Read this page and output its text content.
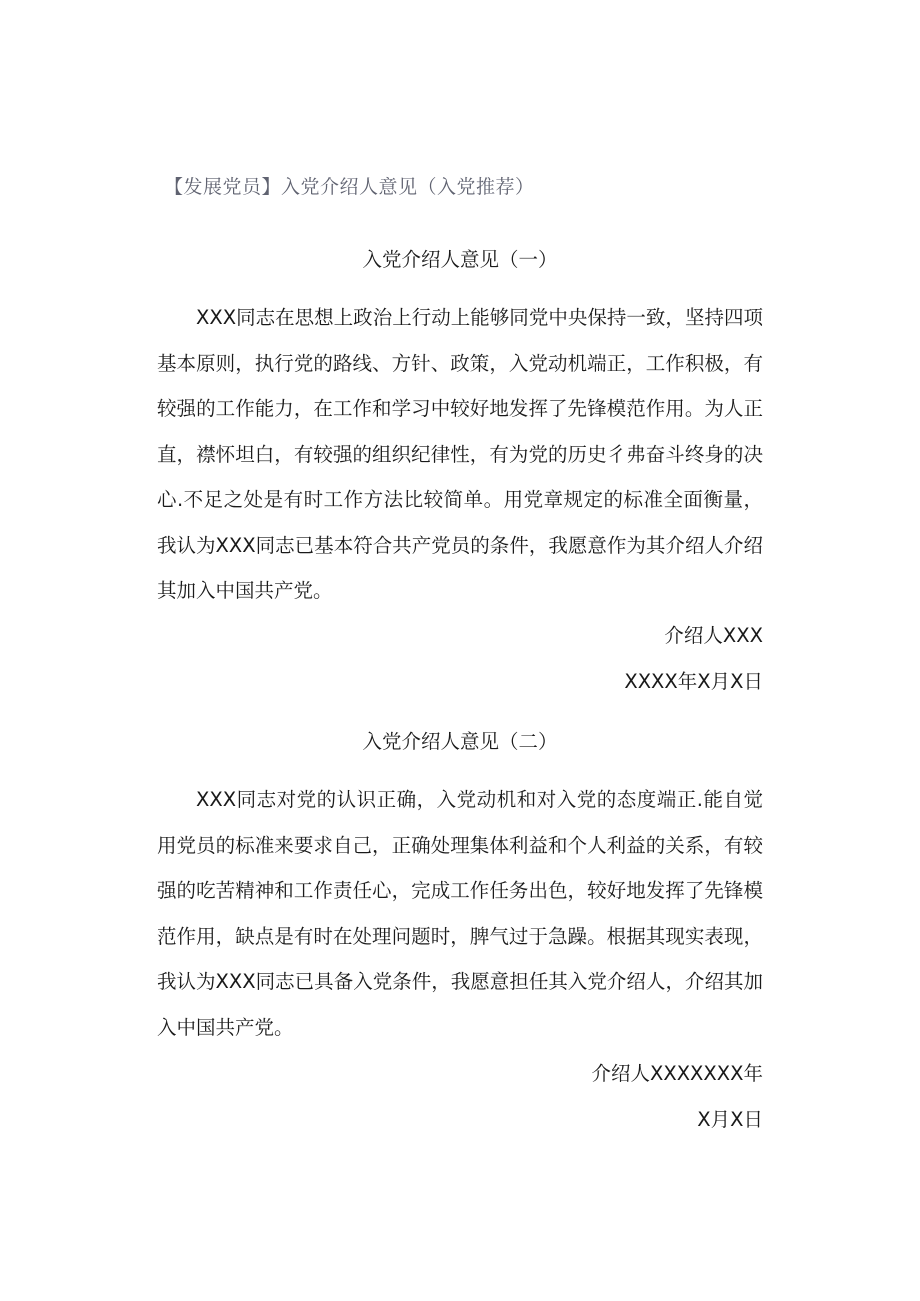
【发展党员】入党介绍人意见（入党推荐）
入党介绍人意见（一）

XXX同志在思想上政治上行动上能够同党中央保持一致，坚持四项基本原则，执行党的路线、方针、政策，入党动机端正，工作积极，有较强的工作能力，在工作和学习中较好地发挥了先锋模范作用。为人正直，襟怀坦白，有较强的组织纪律性，有为党的历史彳弗奋斗终身的决心.不足之处是有时工作方法比较简单。用党章规定的标准全面衡量，我认为XXX同志已基本符合共产党员的条件，我愿意作为其介绍人介绍其加入中国共产党。

介绍人XXX
XXXX年X月X日
入党介绍人意见（二）

XXX同志对党的认识正确，入党动机和对入党的态度端正.能自觉用党员的标准来要求自己，正确处理集体利益和个人利益的关系，有较强的吃苦精神和工作责任心，完成工作任务出色，较好地发挥了先锋模范作用，缺点是有时在处理问题时，脾气过于急躁。根据其现实表现，我认为XXX同志已具备入党条件，我愿意担任其入党介绍人，介绍其加入中国共产党。

介绍人XXXXXXX年
X月X日
